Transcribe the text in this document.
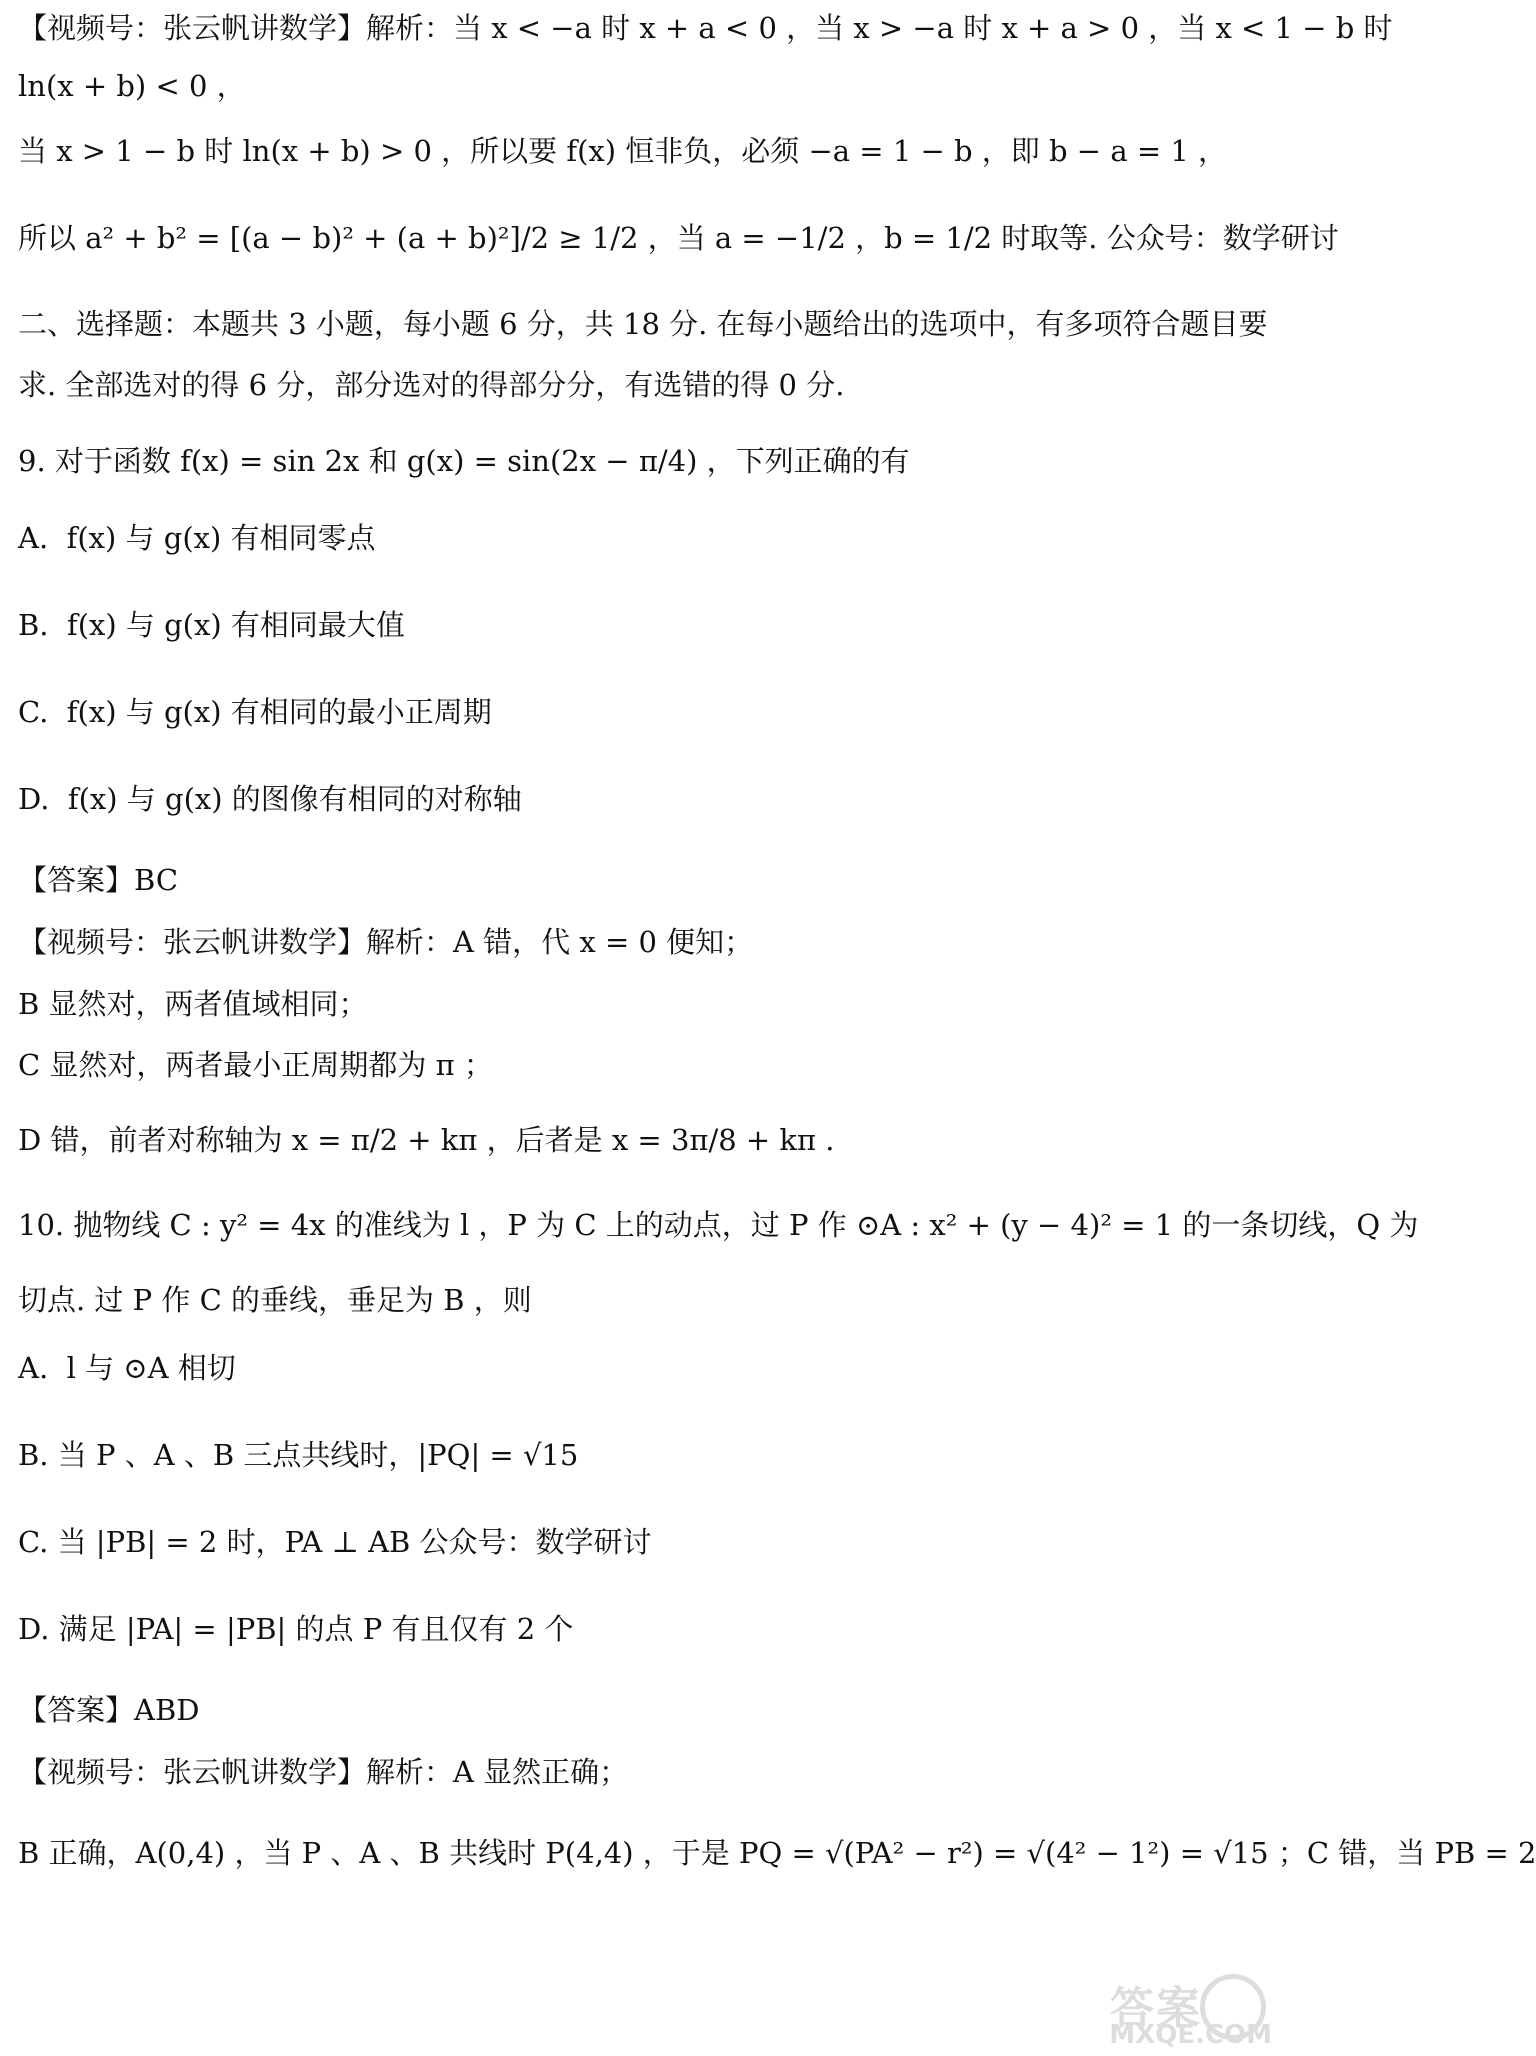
【视频号：张云帆讲数学】解析：当 x < −a 时 x + a < 0 ，当 x > −a 时 x + a > 0 ，当 x < 1 − b 时
ln(x + b) < 0 ，
当 x > 1 − b 时 ln(x + b) > 0 ，所以要 f(x) 恒非负，必须 −a = 1 − b ，即 b − a = 1 ，
所以 a² + b² = [(a − b)² + (a + b)²]/2 ≥ 1/2 ，当 a = −1/2 ，b = 1/2 时取等. 公众号：数学研讨
二、选择题：本题共 3 小题，每小题 6 分，共 18 分. 在每小题给出的选项中，有多项符合题目要
求. 全部选对的得 6 分，部分选对的得部分分，有选错的得 0 分.
9. 对于函数 f(x) = sin 2x 和 g(x) = sin(2x − π/4) ，下列正确的有
A.  f(x) 与 g(x) 有相同零点
B.  f(x) 与 g(x) 有相同最大值
C.  f(x) 与 g(x) 有相同的最小正周期
D.  f(x) 与 g(x) 的图像有相同的对称轴
【答案】BC
【视频号：张云帆讲数学】解析：A 错，代 x = 0 便知；
B 显然对，两者值域相同；
C 显然对，两者最小正周期都为 π ；
D 错，前者对称轴为 x = π/2 + kπ ，后者是 x = 3π/8 + kπ .
10. 抛物线 C : y² = 4x 的准线为 l ，P 为 C 上的动点，过 P 作 ⊙A : x² + (y − 4)² = 1 的一条切线，Q 为
切点. 过 P 作 C 的垂线，垂足为 B ，则
A.  l 与 ⊙A 相切
B. 当 P 、A 、B 三点共线时，|PQ| = √15
C. 当 |PB| = 2 时，PA ⊥ AB 公众号：数学研讨
D. 满足 |PA| = |PB| 的点 P 有且仅有 2 个
【答案】ABD
【视频号：张云帆讲数学】解析：A 显然正确；
B 正确，A(0,4) ，当 P 、A 、B 共线时 P(4,4) ，于是 PQ = √(PA² − r²) = √(4² − 1²) = √15 ；C 错，当 PB = 2
答案
MXQE.COM
